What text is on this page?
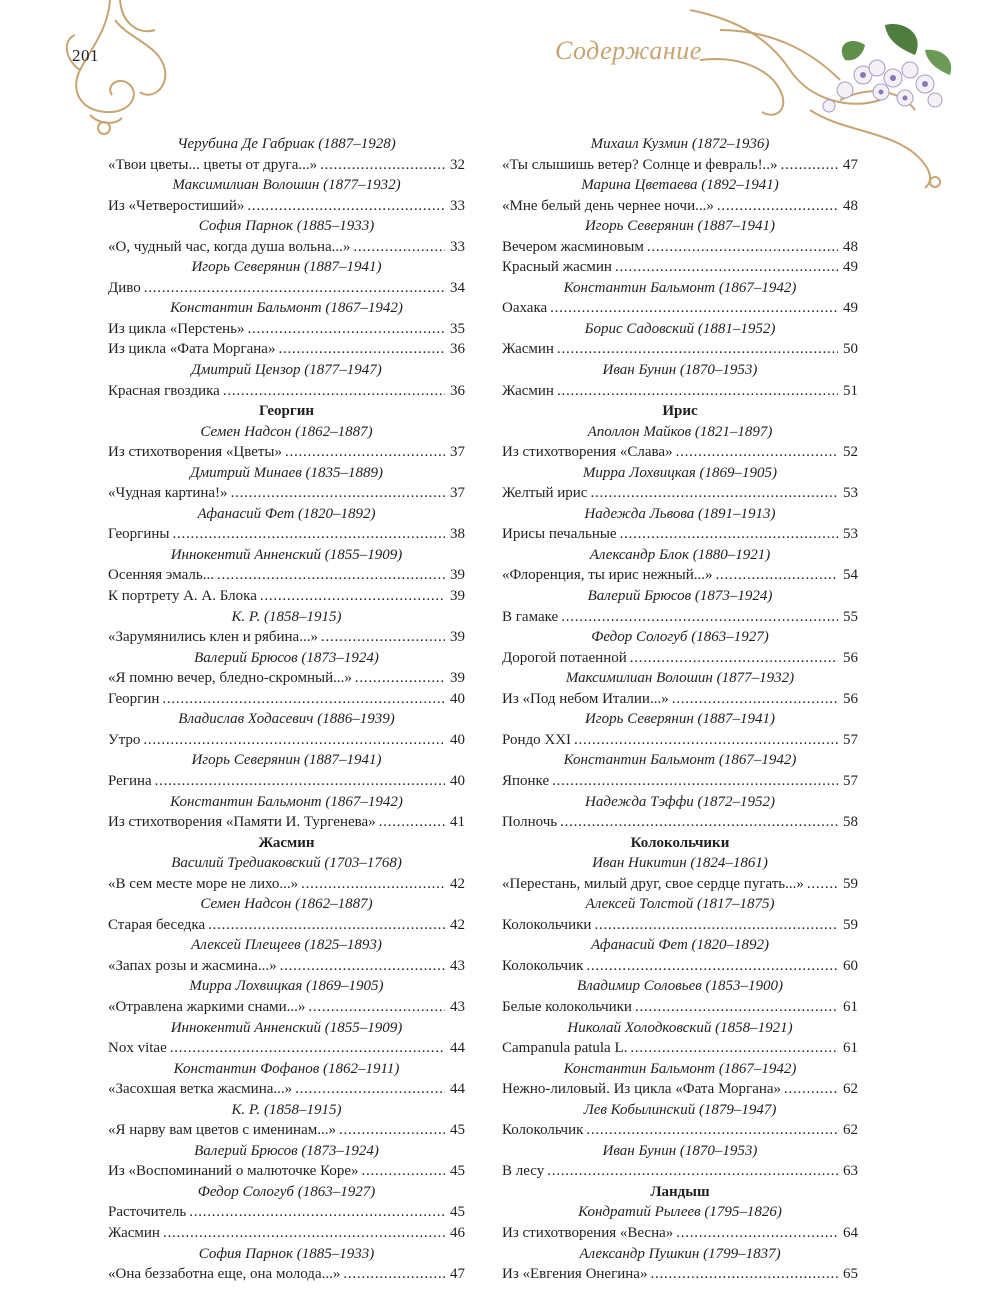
201	Содержание
Черубина Де Габриак (1887–1928)
«Твои цветы... цветы от друга...» . . .	32
Максимилиан Волошин (1877–1932)
Из «Четверостиший» . . .	33
София Парнок (1885–1933)
«О, чудный час, когда душа вольна...» . . .	33
Игорь Северянин (1887–1941)
Диво . . .	34
Константин Бальмонт (1867–1942)
Из цикла «Перстень» . . .	35
Из цикла «Фата Моргана» . . .	36
Дмитрий Цензор (1877–1947)
Красная гвоздика . . .	36
Георгин
Семен Надсон (1862–1887)
Из стихотворения «Цветы» . . .	37
Дмитрий Минаев (1835–1889)
«Чудная картина!» . . .	37
Афанасий Фет (1820–1892)
Георгины . . .	38
Иннокентий Анненский (1855–1909)
Осенняя эмаль... . . .	39
К портрету А. А. Блока . . .	39
К. Р. (1858–1915)
«Зарумянились клен и рябина...» . . .	39
Валерий Брюсов (1873–1924)
«Я помню вечер, бледно-скромный...» . . .	39
Георгин . . .	40
Владислав Ходасевич (1886–1939)
Утро . . .	40
Игорь Северянин (1887–1941)
Регина . . .	40
Константин Бальмонт (1867–1942)
Из стихотворения «Памяти И. Тургенева» . . .	41
Жасмин
Василий Тредиаковский (1703–1768)
«В сем месте море не лихо...» . . .	42
Семен Надсон (1862–1887)
Старая беседка . . .	42
Алексей Плещеев (1825–1893)
«Запах розы и жасмина...» . . .	43
Мирра Лохвицкая (1869–1905)
«Отравлена жаркими снами...» . . .	43
Иннокентий Анненский (1855–1909)
Nox vitae . . .	44
Константин Фофанов (1862–1911)
«Засохшая ветка жасмина...» . . .	44
К. Р. (1858–1915)
«Я нарву вам цветов с именинам...» . . .	45
Валерий Брюсов (1873–1924)
Из «Воспоминаний о малюточке Коре» . . .	45
Федор Сологуб (1863–1927)
Расточитель . . .	45
Жасмин . . .	46
София Парнок (1885–1933)
«Она беззаботна еще, она молода...» . . .	47
Михаил Кузмин (1872–1936)
«Ты слышишь ветер? Солнце и февраль!..» . . .	47
Марина Цветаева (1892–1941)
«Мне белый день чернее ночи...» . . .	48
Игорь Северянин (1887–1941)
Вечером жасминовым . . .	48
Красный жасмин . . .	49
Константин Бальмонт (1867–1942)
Оахака . . .	49
Борис Садовский (1881–1952)
Жасмин . . .	50
Иван Бунин (1870–1953)
Жасмин . . .	51
Ирис
Аполлон Майков (1821–1897)
Из стихотворения «Слава» . . .	52
Мирра Лохвицкая (1869–1905)
Желтый ирис . . .	53
Надежда Львова (1891–1913)
Ирисы печальные . . .	53
Александр Блок (1880–1921)
«Флоренция, ты ирис нежный...» . . .	54
Валерий Брюсов (1873–1924)
В гамаке . . .	55
Федор Сологуб (1863–1927)
Дорогой потаенной . . .	56
Максимилиан Волошин (1877–1932)
Из «Под небом Италии...» . . .	56
Игорь Северянин (1887–1941)
Рондо XXI . . .	57
Константин Бальмонт (1867–1942)
Японке . . .	57
Надежда Тэффи (1872–1952)
Полночь . . .	58
Колокольчики
Иван Никитин (1824–1861)
«Перестань, милый друг, свое сердце пугать...» . . .	59
Алексей Толстой (1817–1875)
Колокольчики . . .	59
Афанасий Фет (1820–1892)
Колокольчик . . .	60
Владимир Соловьев (1853–1900)
Белые колокольчики . . .	61
Николай Холодковский (1858–1921)
Campanula patula L. . . .	61
Константин Бальмонт (1867–1942)
Нежно-лиловый. Из цикла «Фата Моргана» . . .	62
Лев Кобылинский (1879–1947)
Колокольчик . . .	62
Иван Бунин (1870–1953)
В лесу . . .	63
Ландыш
Кондратий Рылеев (1795–1826)
Из стихотворения «Весна» . . .	64
Александр Пушкин (1799–1837)
Из «Евгения Онегина» . . .	65
